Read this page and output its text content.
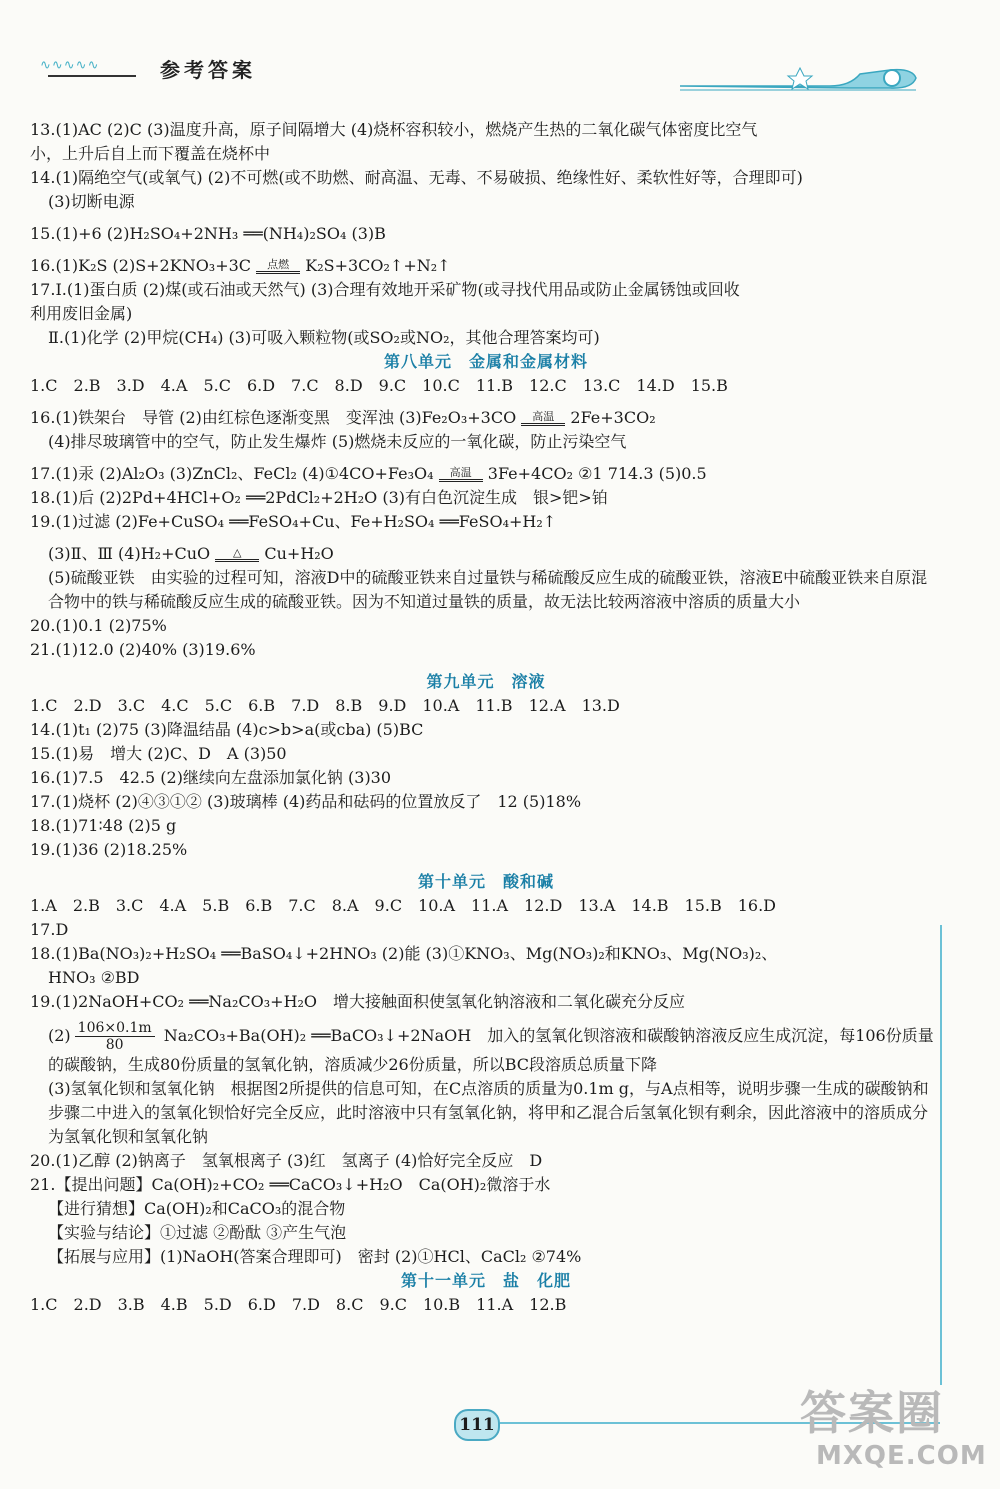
∿∿∿∿∿	参考答案
13.(1)AC (2)C (3)温度升高，原子间隔增大 (4)烧杯容积较小，燃烧产生热的二氧化碳气体密度比空气
小，上升后自上而下覆盖在烧杯中
14.(1)隔绝空气(或氧气) (2)不可燃(或不助燃、耐高温、无毒、不易破损、绝缘性好、柔软性好等，合理即可)
(3)切断电源
15.(1)+6 (2)H₂SO₄+2NH₃ ══(NH₄)₂SO₄ (3)B
16.(1)K₂S (2)S+2KNO₃+3C	点燃	K₂S+3CO₂↑+N₂↑
17.Ⅰ.(1)蛋白质 (2)煤(或石油或天然气) (3)合理有效地开采矿物(或寻找代用品或防止金属锈蚀或回收
利用废旧金属)
Ⅱ.(1)化学 (2)甲烷(CH₄) (3)可吸入颗粒物(或SO₂或NO₂，其他合理答案均可)
第八单元　金属和金属材料
1.C　2.B　3.D　4.A　5.C　6.D　7.C　8.D　9.C　10.C　11.B　12.C　13.C　14.D　15.B
16.(1)铁架台　导管 (2)由红棕色逐渐变黑　变浑浊 (3)Fe₂O₃+3CO	高温	2Fe+3CO₂
(4)排尽玻璃管中的空气，防止发生爆炸 (5)燃烧未反应的一氧化碳，防止污染空气
17.(1)汞 (2)Al₂O₃ (3)ZnCl₂、FeCl₂ (4)①4CO+Fe₃O₄	高温	3Fe+4CO₂ ②1 714.3 (5)0.5
18.(1)后 (2)2Pd+4HCl+O₂ ══2PdCl₂+2H₂O (3)有白色沉淀生成　银>钯>铂
19.(1)过滤 (2)Fe+CuSO₄ ══FeSO₄+Cu、Fe+H₂SO₄ ══FeSO₄+H₂↑
(3)Ⅱ、Ⅲ (4)H₂+CuO	△	Cu+H₂O
(5)硫酸亚铁　由实验的过程可知，溶液D中的硫酸亚铁来自过量铁与稀硫酸反应生成的硫酸亚铁，溶液E中硫酸亚铁来自原混合物中的铁与稀硫酸反应生成的硫酸亚铁。因为不知道过量铁的质量，故无法比较两溶液中溶质的质量大小
20.(1)0.1 (2)75%
21.(1)12.0 (2)40% (3)19.6%
第九单元　溶液
1.C　2.D　3.C　4.C　5.C　6.B　7.D　8.B　9.D　10.A　11.B　12.A　13.D
14.(1)t₁ (2)75 (3)降温结晶 (4)c>b>a(或cba) (5)BC
15.(1)易　增大 (2)C、D　A (3)50
16.(1)7.5　42.5 (2)继续向左盘添加氯化钠 (3)30
17.(1)烧杯 (2)④③①② (3)玻璃棒 (4)药品和砝码的位置放反了　12 (5)18%
18.(1)71∶48 (2)5 g
19.(1)36 (2)18.25%
第十单元　酸和碱
1.A　2.B　3.C　4.A　5.B　6.B　7.C　8.A　9.C　10.A　11.A　12.D　13.A　14.B　15.B　16.D
17.D
18.(1)Ba(NO₃)₂+H₂SO₄ ══BaSO₄↓+2HNO₃ (2)能 (3)①KNO₃、Mg(NO₃)₂和KNO₃、Mg(NO₃)₂、
HNO₃ ②BD
19.(1)2NaOH+CO₂ ══Na₂CO₃+H₂O　增大接触面积使氢氧化钠溶液和二氧化碳充分反应
$(2) \frac{106\times 0.1m}{80} Na_2CO_3+Ba(OH)_2$ ══BaCO₃↓+2NaOH　加入的氢氧化钡溶液和碳酸钠溶液反应生成沉淀，每106份质量的碳酸钠，生成80份质量的氢氧化钠，溶质减少26份质量，所以BC段溶质总质量下降
(3)氢氧化钡和氢氧化钠　根据图2所提供的信息可知，在C点溶质的质量为0.1m g，与A点相等，说明步骤一生成的碳酸钠和步骤二中进入的氢氧化钡恰好完全反应，此时溶液中只有氢氧化钠，将甲和乙混合后氢氧化钡有剩余，因此溶液中的溶质成分为氢氧化钡和氢氧化钠
20.(1)乙醇 (2)钠离子　氢氧根离子 (3)红　氢离子 (4)恰好完全反应　D
21.【提出问题】Ca(OH)₂+CO₂ ══CaCO₃↓+H₂O　Ca(OH)₂微溶于水
【进行猜想】Ca(OH)₂和CaCO₃的混合物
【实验与结论】①过滤 ②酚酞 ③产生气泡
【拓展与应用】(1)NaOH(答案合理即可)　密封 (2)①HCl、CaCl₂ ②74%
第十一单元　盐　化肥
1.C　2.D　3.B　4.B　5.D　6.D　7.D　8.C　9.C　10.B　11.A　12.B
111	答案圈
MXQE.COM
